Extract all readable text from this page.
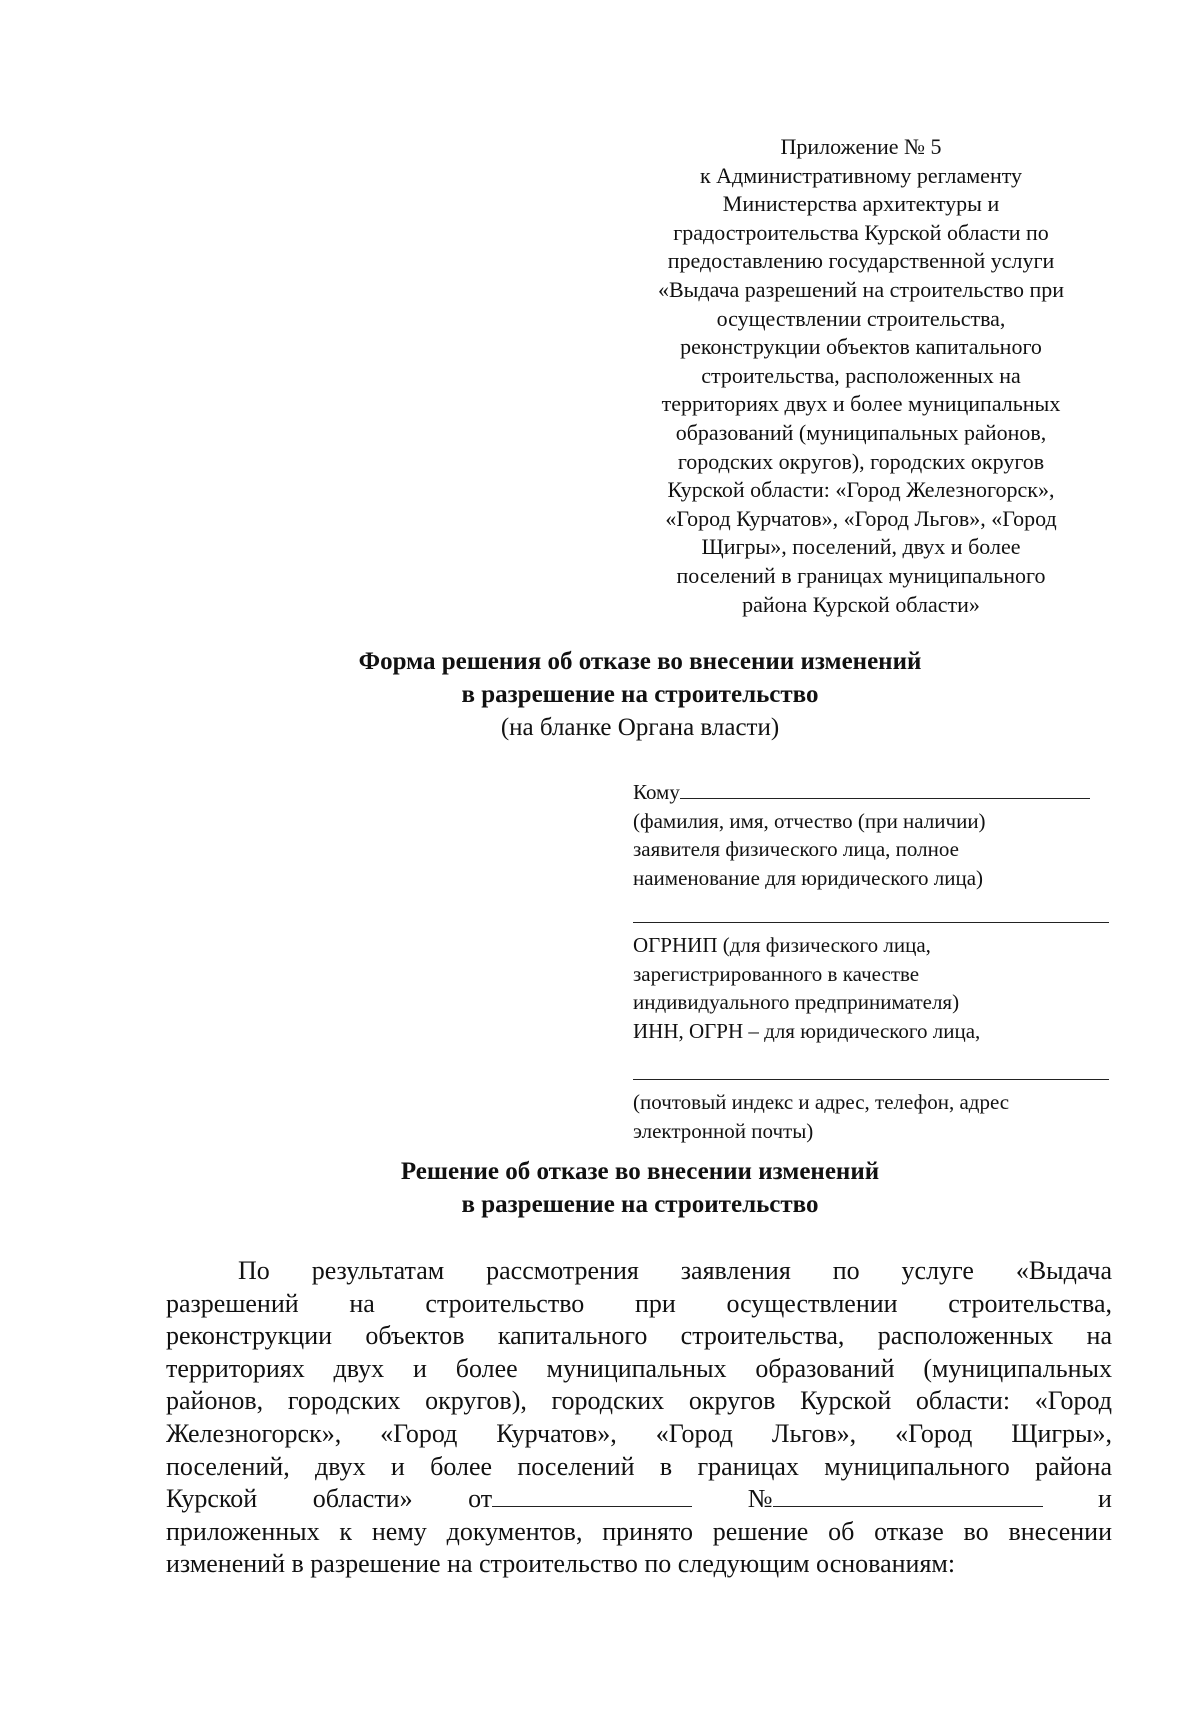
Приложение № 5
к Административному регламенту
Министерства архитектуры и
градостроительства Курской области по
предоставлению государственной услуги
«Выдача разрешений на строительство при
осуществлении строительства,
реконструкции объектов капитального
строительства, расположенных на
территориях двух и более муниципальных
образований (муниципальных районов,
городских округов), городских округов
Курской области: «Город Железногорск»,
«Город Курчатов», «Город Льгов», «Город
Щигры», поселений, двух и более
поселений в границах муниципального
района Курской области»
Форма решения об отказе во внесении изменений
в разрешение на строительство
(на бланке Органа власти)
Кому
(фамилия, имя, отчество (при наличии)
заявителя физического лица, полное
наименование для юридического лица)
ОГРНИП (для физического лица,
зарегистрированного в качестве
индивидуального предпринимателя)
ИНН, ОГРН – для юридического лица,
(почтовый индекс и адрес, телефон, адрес
электронной почты)
Решение об отказе во внесении изменений
в разрешение на строительство
По результатам рассмотрения заявления по услуге «Выдача
разрешений на строительство при осуществлении строительства,
реконструкции объектов капитального строительства, расположенных на
территориях двух и более муниципальных образований (муниципальных
районов, городских округов), городских округов Курской области: «Город
Железногорск», «Город Курчатов», «Город Льгов», «Город Щигры»,
поселений, двух и более поселений в границах муниципального района
Курской области» от	№	и
приложенных к нему документов, принято решение об отказе во внесении
изменений в разрешение на строительство по следующим основаниям:
